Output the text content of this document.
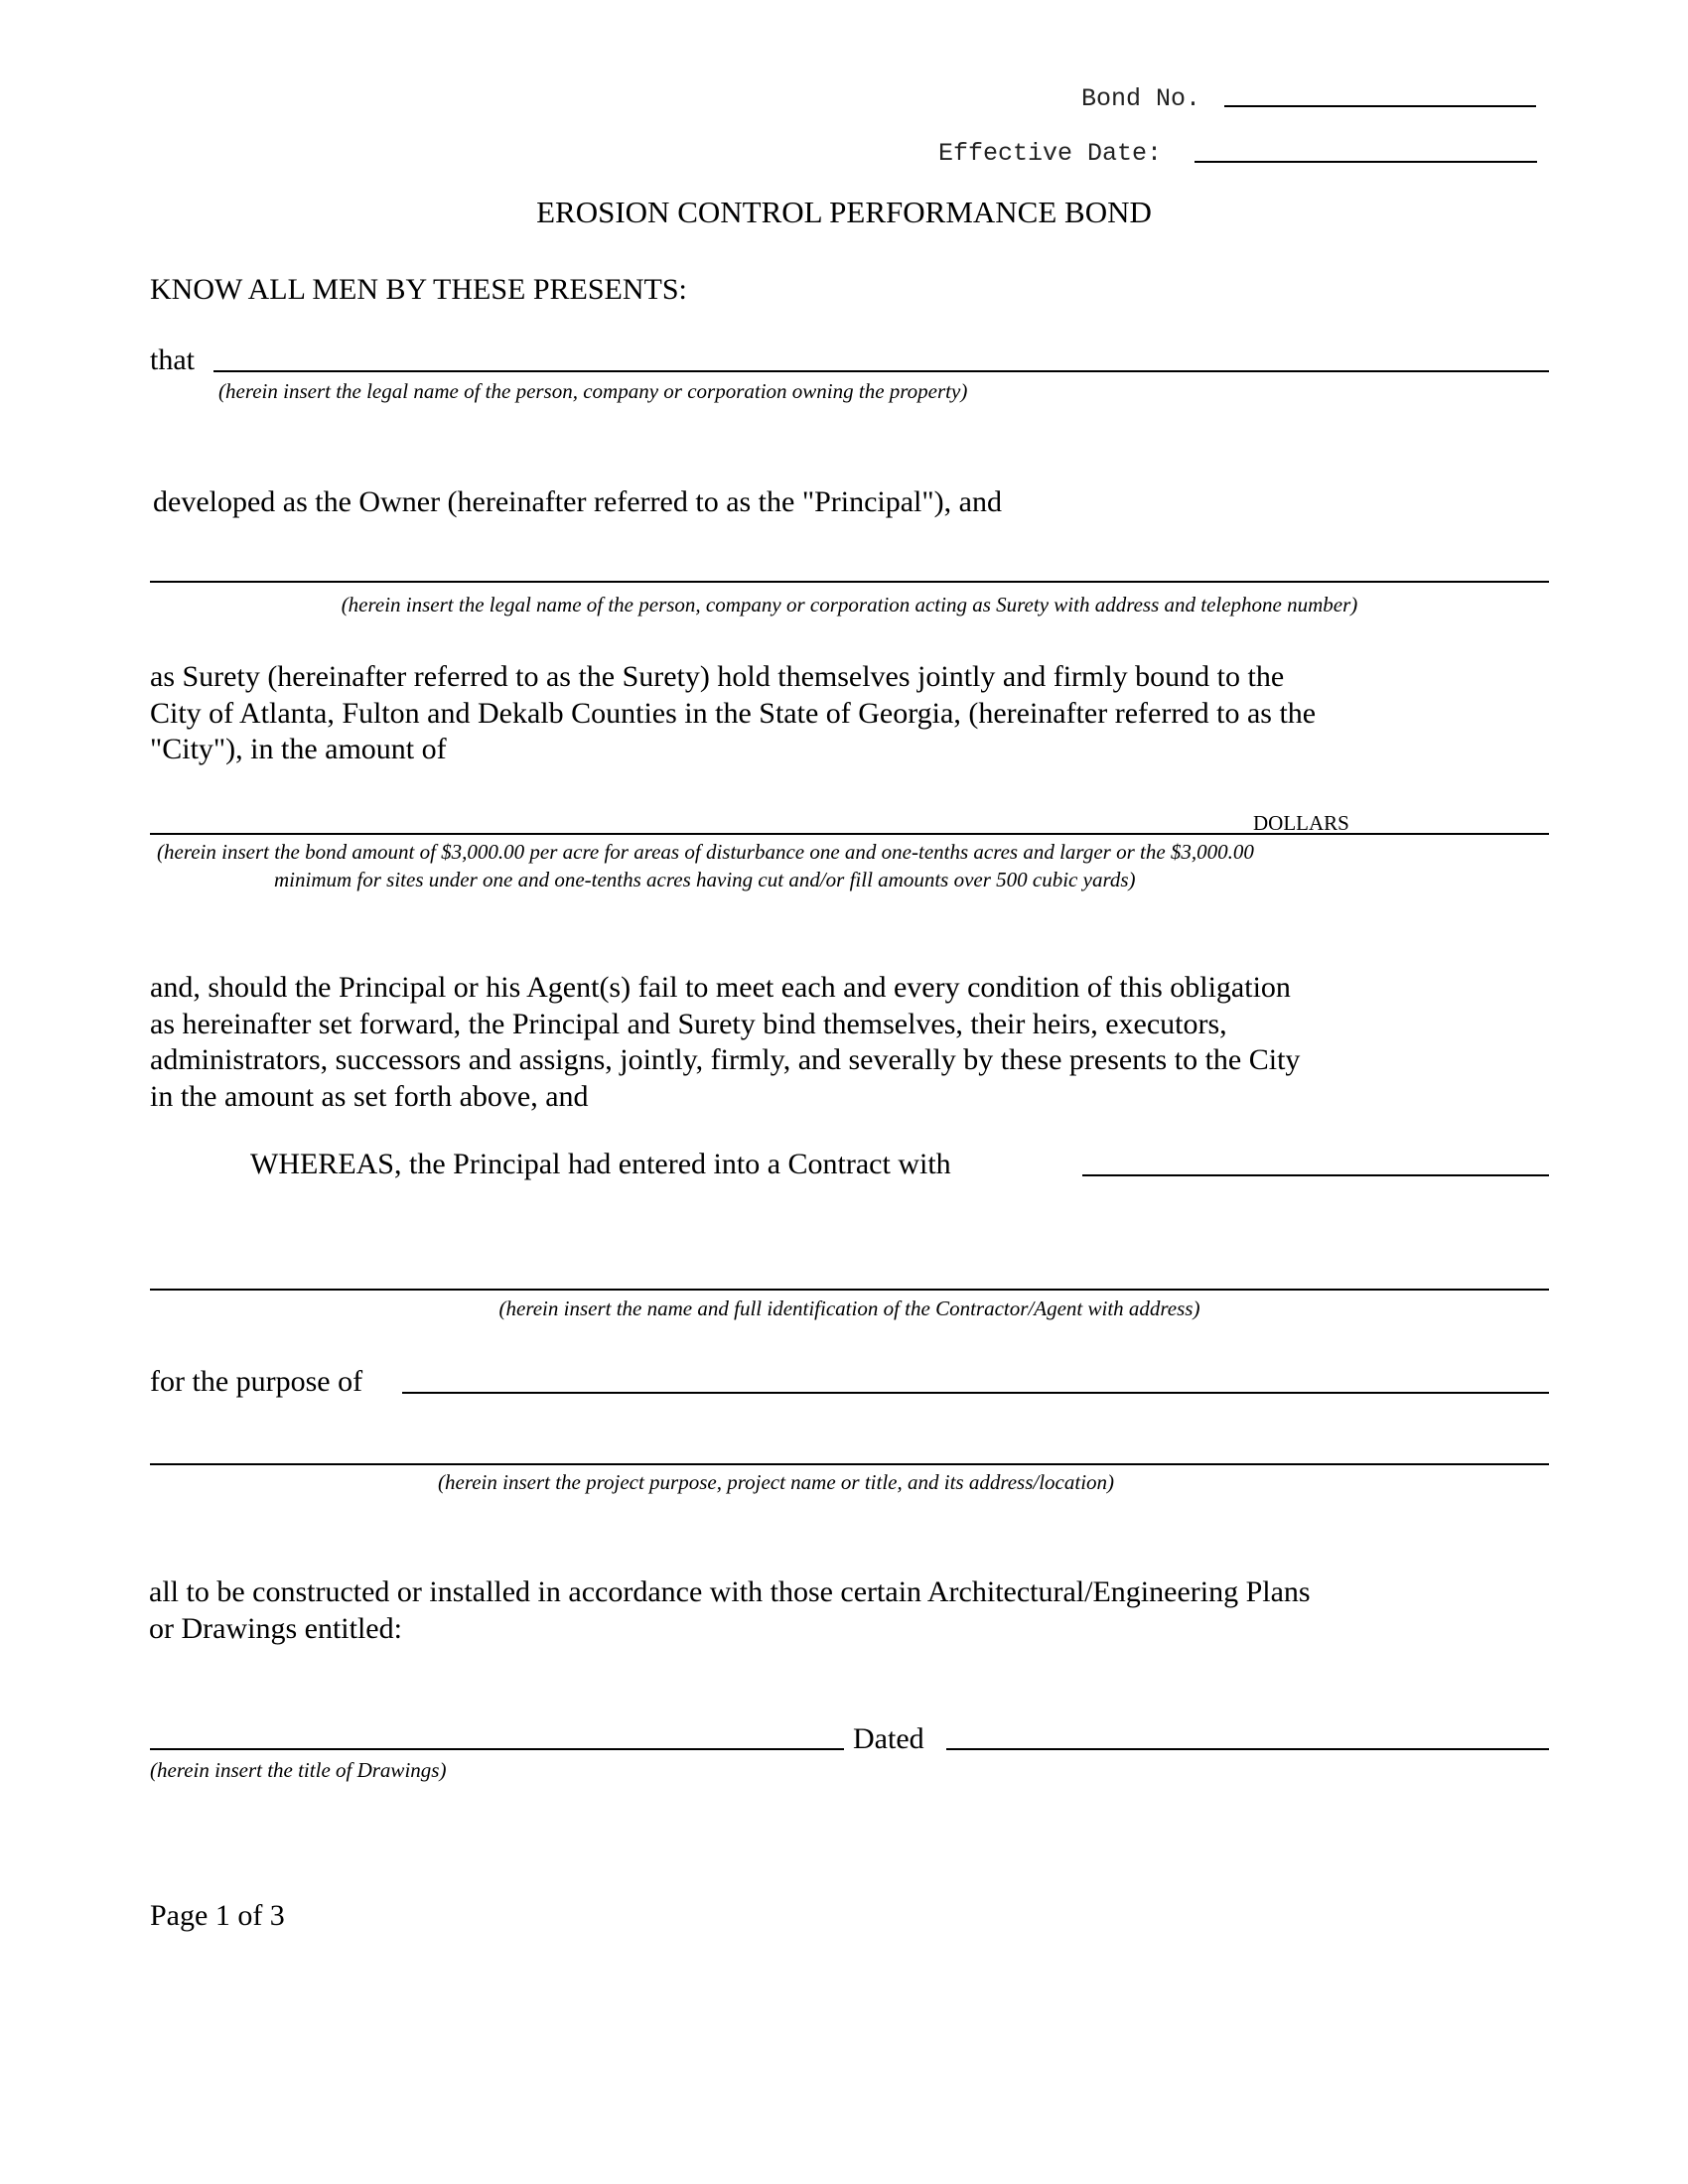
Bond No.
Effective Date:
EROSION CONTROL PERFORMANCE BOND
KNOW ALL MEN BY THESE PRESENTS:
that
(herein insert the legal name of the person, company or corporation owning the property)
developed as the Owner (hereinafter referred to as the "Principal"), and
(herein insert the legal name of the person, company or corporation acting as Surety with address and telephone number)
as Surety (hereinafter referred to as the Surety) hold themselves jointly and firmly bound to the
City of Atlanta, Fulton and Dekalb Counties in the State of Georgia, (hereinafter referred to as the
"City"), in the amount of
DOLLARS
(herein insert the bond amount of $3,000.00 per acre for areas of disturbance one and one-tenths acres and larger or the $3,000.00
minimum for sites under one and one-tenths acres having cut and/or fill amounts over 500 cubic yards)
and, should the Principal or his Agent(s) fail to meet each and every condition of this obligation
as hereinafter set forward, the Principal and Surety bind themselves, their heirs, executors,
administrators, successors and assigns, jointly, firmly, and severally by these presents to the City
in the amount as set forth above, and
WHEREAS, the Principal had entered into a Contract with
(herein insert the name and full identification of the Contractor/Agent with address)
for the purpose of
(herein insert the project purpose, project name or title, and its address/location)
all to be constructed or installed in accordance with those certain Architectural/Engineering Plans
or Drawings entitled:
Dated
(herein insert the title of Drawings)
Page 1 of 3
